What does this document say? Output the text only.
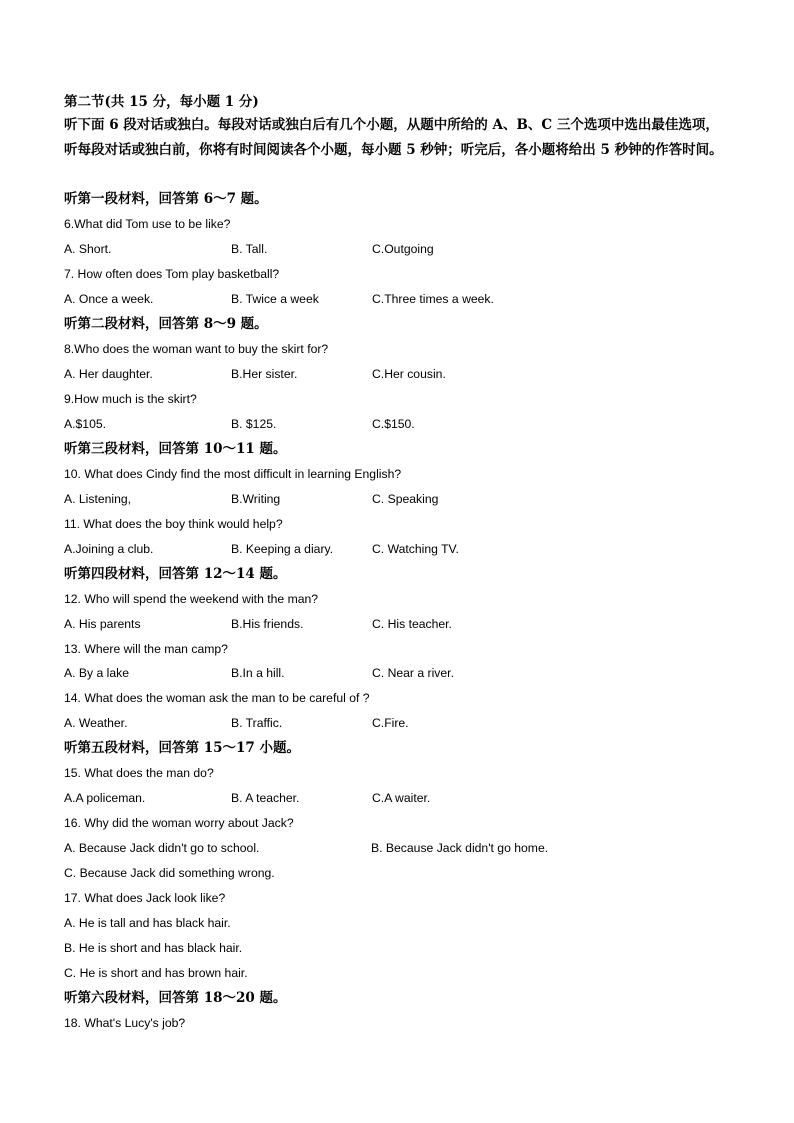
第二节(共 15 分，每小题 1 分)
听下面 6 段对话或独白。每段对话或独白后有几个小题，从题中所给的 A、B、C 三个选项中选出最佳选项，听每段对话或独白前，你将有时间阅读各个小题，每小题 5 秒钟；听完后，各小题将给出 5 秒钟的作答时间。
听第一段材料，回答第 6～7 题。
6.What did Tom use to be like?
A. Short.	B. Tall.	C.Outgoing
7. How often does Tom play basketball?
A. Once a week.	B. Twice a week	C.Three times a week.
听第二段材料，回答第 8～9 题。
8.Who does the woman want to buy the skirt for?
A. Her daughter.	B.Her sister.	C.Her cousin.
9.How much is the skirt?
A.$105.	B. $125.	C.$150.
听第三段材料，回答第 10～11 题。
10. What does Cindy find the most difficult in learning English?
A. Listening,	B.Writing	C. Speaking
11. What does the boy think would help?
A.Joining a club.	B. Keeping a diary.	C. Watching TV.
听第四段材料，回答第 12～14 题。
12. Who will spend the weekend with the man?
A. His parents	B.His friends.	C. His teacher.
13. Where will the man camp?
A. By a lake	B.In a hill.	C. Near a river.
14. What does the woman ask the man to be careful of ?
A. Weather.	B. Traffic.	C.Fire.
听第五段材料，回答第 15～17 小题。
15. What does the man do?
A.A policeman.	B. A teacher.	C.A waiter.
16. Why did the woman worry about Jack?
A. Because Jack didn't go to school.	B. Because Jack didn't go home.
C. Because Jack did something wrong.
17. What does Jack look like?
A. He is tall and has black hair.
B. He is short and has black hair.
C. He is short and has brown hair.
听第六段材料，回答第 18～20 题。
18. What's Lucy's job?
